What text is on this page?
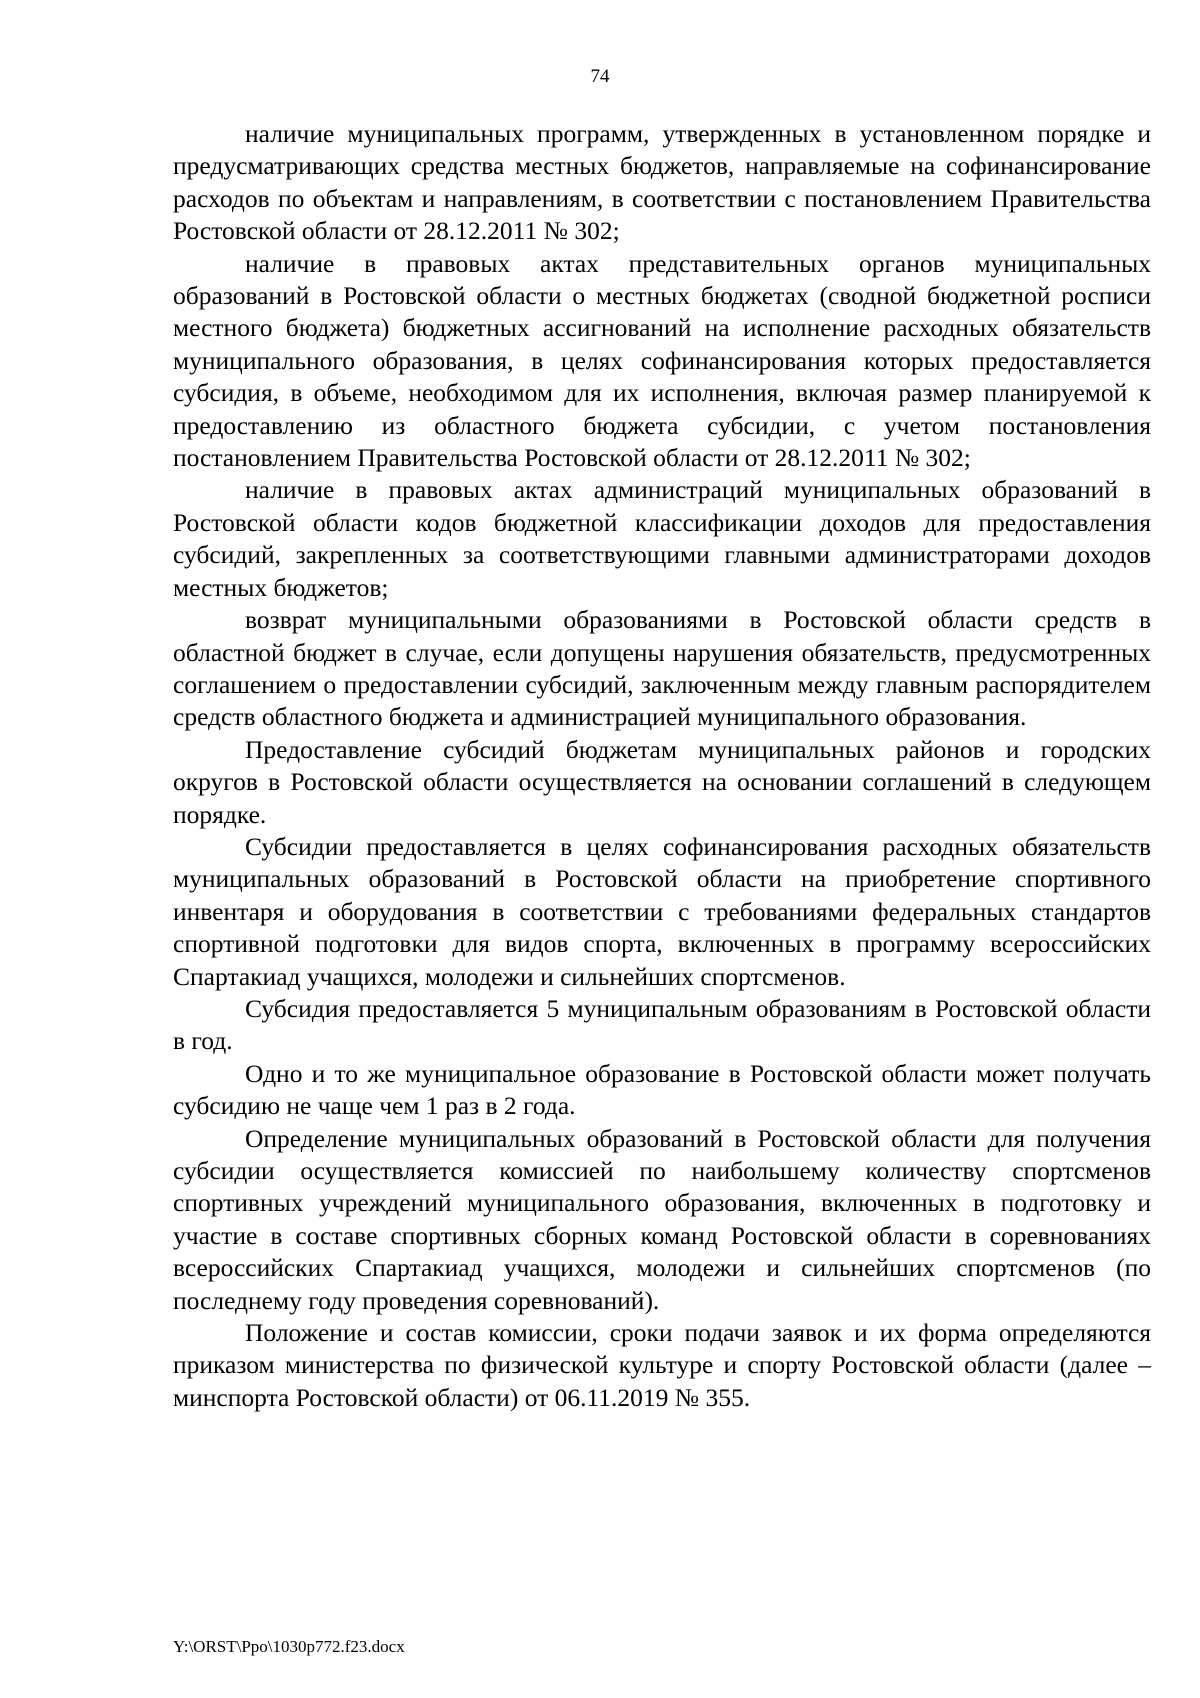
74

наличие муниципальных программ, утвержденных в установленном порядке и предусматривающих средства местных бюджетов, направляемые на софинансирование расходов по объектам и направлениям, в соответствии с постановлением Правительства Ростовской области от 28.12.2011 № 302;

наличие в правовых актах представительных органов муниципальных образований в Ростовской области о местных бюджетах (сводной бюджетной росписи местного бюджета) бюджетных ассигнований на исполнение расходных обязательств муниципального образования, в целях софинансирования которых предоставляется субсидия, в объеме, необходимом для их исполнения, включая размер планируемой к предоставлению из областного бюджета субсидии, с учетом постановления постановлением Правительства Ростовской области от 28.12.2011 № 302;

наличие в правовых актах администраций муниципальных образований в Ростовской области кодов бюджетной классификации доходов для предоставления субсидий, закрепленных за соответствующими главными администраторами доходов местных бюджетов;

возврат муниципальными образованиями в Ростовской области средств в областной бюджет в случае, если допущены нарушения обязательств, предусмотренных соглашением о предоставлении субсидий, заключенным между главным распорядителем средств областного бюджета и администрацией муниципального образования.

Предоставление субсидий бюджетам муниципальных районов и городских округов в Ростовской области осуществляется на основании соглашений в следующем порядке.

Субсидии предоставляется в целях софинансирования расходных обязательств муниципальных образований в Ростовской области на приобретение спортивного инвентаря и оборудования в соответствии с требованиями федеральных стандартов спортивной подготовки для видов спорта, включенных в программу всероссийских Спартакиад учащихся, молодежи и сильнейших спортсменов.

Субсидия предоставляется 5 муниципальным образованиям в Ростовской области в год.

Одно и то же муниципальное образование в Ростовской области может получать субсидию не чаще чем 1 раз в 2 года.

Определение муниципальных образований в Ростовской области для получения субсидии осуществляется комиссией по наибольшему количеству спортсменов спортивных учреждений муниципального образования, включенных в подготовку и участие в составе спортивных сборных команд Ростовской области в соревнованиях всероссийских Спартакиад учащихся, молодежи и сильнейших спортсменов (по последнему году проведения соревнований).

Положение и состав комиссии, сроки подачи заявок и их форма определяются приказом министерства по физической культуре и спорту Ростовской области (далее – минспорта Ростовской области) от 06.11.2019 № 355.

Y:\ORST\Ppo\1030p772.f23.docx
